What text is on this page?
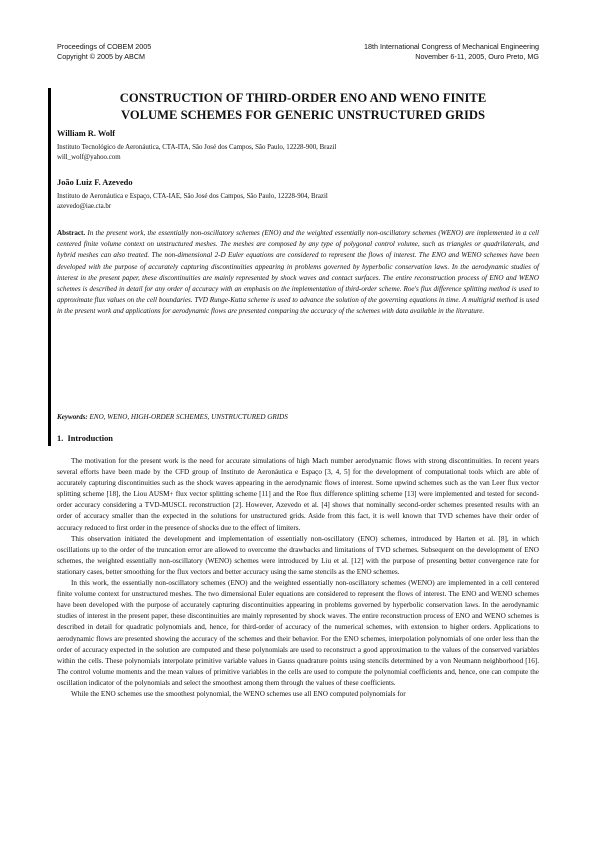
Proceedings of COBEM 2005
Copyright © 2005 by ABCM
18th International Congress of Mechanical Engineering
November 6-11, 2005, Ouro Preto, MG
CONSTRUCTION OF THIRD-ORDER ENO AND WENO FINITE
VOLUME SCHEMES FOR GENERIC UNSTRUCTURED GRIDS
William R. Wolf
Instituto Tecnológico de Aeronáutica, CTA-ITA, São José dos Campos, São Paulo, 12228-900, Brazil
will_wolf@yahoo.com
João Luiz F. Azevedo
Instituto de Aeronáutica e Espaço, CTA-IAE, São José dos Campos, São Paulo, 12228-904, Brazil
azevedo@iae.cta.br
Abstract. In the present work, the essentially non-oscillatory schemes (ENO) and the weighted essentially non-oscillatory schemes (WENO) are implemented in a cell centered finite volume context on unstructured meshes. The meshes are composed by any type of polygonal control volume, such as triangles or quadrilaterals, and hybrid meshes can also treated. The non-dimensional 2-D Euler equations are considered to represent the flows of interest. The ENO and WENO schemes have been developed with the purpose of accurately capturing discontinuities appearing in problems governed by hyperbolic conservation laws. In the aerodynamic studies of interest in the present paper, these discontinuities are mainly represented by shock waves and contact surfaces. The entire reconstruction process of ENO and WENO schemes is described in detail for any order of accuracy with an emphasis on the implementation of third-order scheme. Roe's flux difference splitting method is used to approximate flux values on the cell boundaries. TVD Runge-Kutta scheme is used to advance the solution of the governing equations in time. A multigrid method is used in the present work and applications for aerodynamic flows are presented comparing the accuracy of the schemes with data available in the literature.
Keywords: ENO, WENO, HIGH-ORDER SCHEMES, UNSTRUCTURED GRIDS
1. Introduction

The motivation for the present work is the need for accurate simulations of high Mach number aerodynamic flows with strong discontinuities. In recent years several efforts have been made by the CFD group of Instituto de Aeronáutica e Espaço [3, 4, 5] for the development of computational tools which are able of accurately capturing discontinuities such as the shock waves appearing in the aerodynamic flows of interest. Some upwind schemes such as the van Leer flux vector splitting scheme [18], the Liou AUSM+ flux vector splitting scheme [11] and the Roe flux difference splitting scheme [13] were implemented and tested for second-order accuracy considering a TVD-MUSCL reconstruction [2]. However, Azevedo et al. [4] shows that nominally second-order schemes presented results with an order of accuracy smaller than the expected in the solutions for unstructured grids. Aside from this fact, it is well known that TVD schemes have their order of accuracy reduced to first order in the presence of shocks due to the effect of limiters.

This observation initiated the development and implementation of essentially non-oscillatory (ENO) schemes, introduced by Harten et al. [8], in which oscillations up to the order of the truncation error are allowed to overcome the drawbacks and limitations of TVD schemes. Subsequent on the development of ENO schemes, the weighted essentially non-oscillatory (WENO) schemes were introduced by Liu et al. [12] with the purpose of presenting better convergence rate for stationary cases, better smoothing for the flux vectors and better accuracy using the same stencils as the ENO schemes.

In this work, the essentially non-oscillatory schemes (ENO) and the weighted essentially non-oscillatory schemes (WENO) are implemented in a cell centered finite volume context for unstructured meshes. The two dimensional Euler equations are considered to represent the flows of interest. The ENO and WENO schemes have been developed with the purpose of accurately capturing discontinuities appearing in problems governed by hyperbolic conservation laws. In the aerodynamic studies of interest in the present paper, these discontinuities are mainly represented by shock waves. The entire reconstruction process of ENO and WENO schemes is described in detail for quadratic polynomials and, hence, for third-order of accuracy of the numerical schemes, with extension to higher orders. Applications to aerodynamic flows are presented showing the accuracy of the schemes and their behavior. For the ENO schemes, interpolation polynomials of one order less than the order of accuracy expected in the solution are computed and these polynomials are used to reconstruct a good approximation to the values of the conserved variables within the cells. These polynomials interpolate primitive variable values in Gauss quadrature points using stencils determined by a von Neumann neighborhood [16]. The control volume moments and the mean values of primitive variables in the cells are used to compute the polynomial coefficients and, hence, one can compute the oscillation indicator of the polynomials and select the smoothest among them through the values of these coefficients.

While the ENO schemes use the smoothest polynomial, the WENO schemes use all ENO computed polynomials for
